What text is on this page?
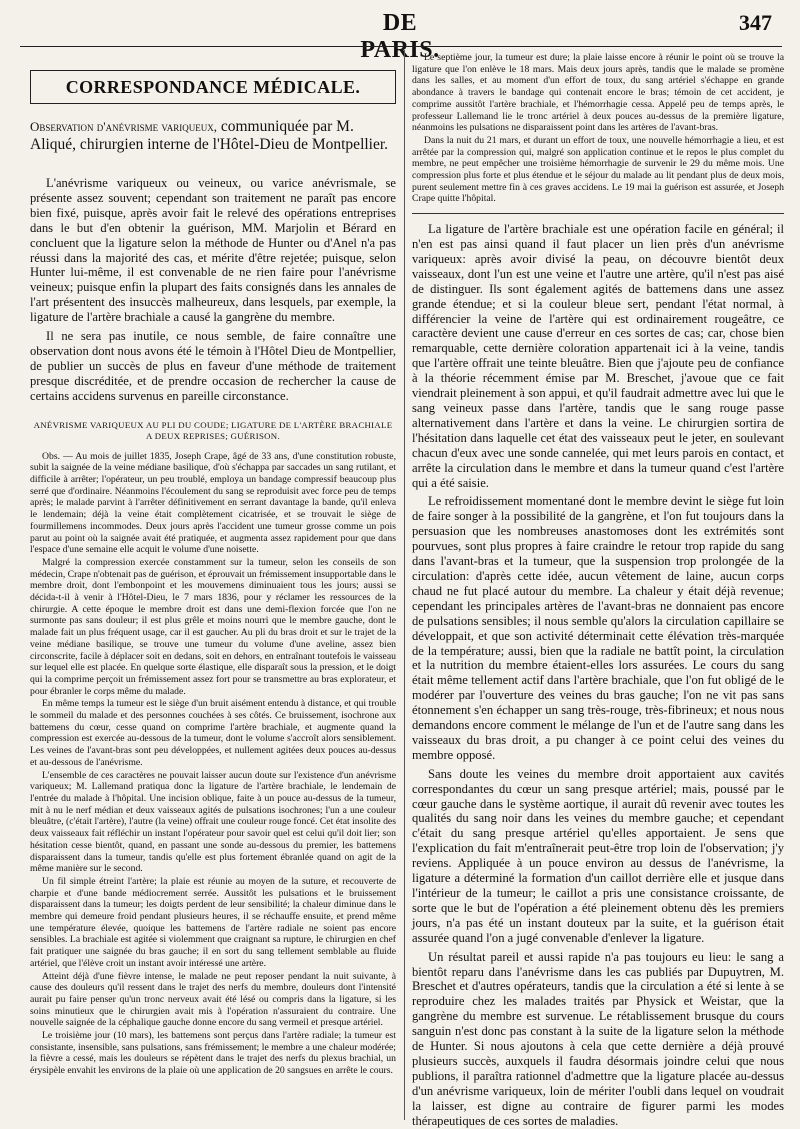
DE PARIS.
347
CORRESPONDANCE MÉDICALE.
Observation d'anévrisme variqueux, communiquée par M. Aliqué, chirurgien interne de l'Hôtel-Dieu de Montpellier.

L'anévrisme variqueux ou veineux, ou varice anévrismale, se présente assez souvent; cependant son traitement ne paraît pas encore bien fixé, puisque, après avoir fait le relevé des opérations entreprises dans le but d'en obtenir la guérison, MM. Marjolin et Bérard en concluent que la ligature selon la méthode de Hunter ou d'Anel n'a pas réussi dans la majorité des cas, et mérite d'être rejetée; puisque, selon Hunter lui-même, il est convenable de ne rien faire pour l'anévrisme veineux; puisque enfin la plupart des faits consignés dans les annales de l'art présentent des insuccès malheureux, dans lesquels, par exemple, la ligature de l'artère brachiale a causé la gangrène du membre.

Il ne sera pas inutile, ce nous semble, de faire connaître une observation dont nous avons été le témoin à l'Hôtel Dieu de Montpellier, de publier un succès de plus en faveur d'une méthode de traitement presque discréditée, et de prendre occasion de rechercher la cause de certains accidens survenus en pareille circonstance.

ANÉVRISME VARIQUEUX AU PLI DU COUDE; LIGATURE DE L'ARTÈRE BRACHIALE A DEUX REPRISES; GUÉRISON.

Obs. — Au mois de juillet 1835, Joseph Crape, âgé de 33 ans, d'une constitution robuste, subit la saignée de la veine médiane basilique, d'où s'échappa par saccades un sang rutilant, et difficile à arrêter; l'opérateur, un peu troublé, employa un bandage compressif beaucoup plus serré que d'ordinaire. Néanmoins l'écoulement du sang se reproduisit avec force peu de temps après; le malade parvint à l'arrêter définitivement en serrant davantage la bande, qu'il enleva le lendemain; déjà la veine était complètement cicatrisée, et se trouvait le siège de fourmillemens incommodes. Deux jours après l'accident une tumeur grosse comme un pois parut au point où la saignée avait été pratiquée, et augmenta assez rapidement pour que dans l'espace d'une semaine elle acquit le volume d'une noisette.

Malgré la compression exercée constamment sur la tumeur, selon les conseils de son médecin, Crape n'obtenait pas de guérison, et éprouvait un frémissement insupportable dans le membre droit, dont l'embonpoint et les mouvemens diminuaient tous les jours; aussi se décida-t-il à venir à l'Hôtel-Dieu, le 7 mars 1836, pour y réclamer les ressources de la chirurgie. A cette époque le membre droit est dans une demi-flexion forcée que l'on ne surmonte pas sans douleur; il est plus grêle et moins nourri que le membre gauche, dont le malade fait un plus fréquent usage, car il est gaucher. Au pli du bras droit et sur le trajet de la veine médiane basilique, se trouve une tumeur du volume d'une aveline, assez bien circonscrite, facile à déplacer soit en dedans, soit en dehors, en entraînant toutefois le vaisseau sur lequel elle est placée. En quelque sorte élastique, elle disparaît sous la pression, et le doigt qui la comprime perçoit un frémissement assez fort pour se transmettre au bras explorateur, et pour ébranler le corps même du malade.

En même temps la tumeur est le siège d'un bruit aisément entendu à distance, et qui trouble le sommeil du malade et des personnes couchées à ses côtés. Ce bruissement, isochrone aux battemens du cœur, cesse quand on comprime l'artère brachiale, et augmente quand la compression est exercée au-dessous de la tumeur, dont le volume s'accroît alors sensiblement. Les veines de l'avant-bras sont peu développées, et nullement agitées deux pouces au-dessus et au-dessous de l'anévrisme.

L'ensemble de ces caractères ne pouvait laisser aucun doute sur l'existence d'un anévrisme variqueux; M. Lallemand pratiqua donc la ligature de l'artère brachiale, le lendemain de l'entrée du malade à l'hôpital. Une incision oblique, faite à un pouce au-dessus de la tumeur, mit à nu le nerf médian et deux vaisseaux agités de pulsations isochrones; l'un a une couleur bleuâtre, (c'était l'artère), l'autre (la veine) offrait une couleur rouge foncé. Cet état insolite des deux vaisseaux fait réfléchir un instant l'opérateur pour savoir quel est celui qu'il doit lier; son hésitation cesse bientôt, quand, en passant une sonde au-dessous du premier, les battemens disparaissent dans la tumeur, tandis qu'elle est plus fortement ébranlée quand on agit de la même manière sur le second.

Un fil simple étreint l'artère; la plaie est réunie au moyen de la suture, et recouverte de charpie et d'une bande médiocrement serrée. Aussitôt les pulsations et le bruissement disparaissent dans la tumeur; les doigts perdent de leur sensibilité; la chaleur diminue dans le membre qui demeure froid pendant plusieurs heures, il se réchauffe ensuite, et prend même une température élevée, quoique les battemens de l'artère radiale ne soient pas encore sensibles. La brachiale est agitée si violemment que craignant sa rupture, le chirurgien en chef fait pratiquer une saignée du bras gauche; il en sort du sang tellement semblable au fluide artériel, que l'élève croit un instant avoir intéressé une artère.

Atteint déjà d'une fièvre intense, le malade ne peut reposer pendant la nuit suivante, à cause des douleurs qu'il ressent dans le trajet des nerfs du membre, douleurs dont l'intensité aurait pu faire penser qu'un tronc nerveux avait été lésé ou compris dans la ligature, si les soins minutieux que le chirurgien avait mis à l'opération n'assuraient du contraire. Une nouvelle saignée de la céphalique gauche donne encore du sang vermeil et presque artériel.

Le troisième jour (10 mars), les battemens sont perçus dans l'artère radiale; la tumeur est consistante, insensible, sans pulsations, sans frémissement; le membre a une chaleur modérée; la fièvre a cessé, mais les douleurs se répètent dans le trajet des nerfs du plexus brachial, un érysipèle envahit les environs de la plaie où une application de 20 sangsues en arrête le cours.

Le septième jour, la tumeur est dure; la plaie laisse encore à réunir le point où se trouve la ligature que l'on enlève le 18 mars. Mais deux jours après, tandis que le malade se promène dans les salles, et au moment d'un effort de toux, du sang artériel s'échappe en grande abondance à travers le bandage qui contenait encore le bras; témoin de cet accident, je comprime aussitôt l'artère brachiale, et l'hémorrhagie cessa. Appelé peu de temps après, le professeur Lallemand lie le tronc artériel à deux pouces au-dessus de la première ligature, néanmoins les pulsations ne disparaissent point dans les artères de l'avant-bras.

Dans la nuit du 21 mars, et durant un effort de toux, une nouvelle hémorrhagie a lieu, et est arrêtée par la compression qui, malgré son application continue et le repos le plus complet du membre, ne peut empêcher une troisième hémorrhagie de survenir le 29 du même mois. Une compression plus forte et plus étendue et le séjour du malade au lit pendant plus de deux mois, purent seulement mettre fin à ces graves accidens. Le 19 mai la guérison est assurée, et Joseph Crape quitte l'hôpital.

La ligature de l'artère brachiale est une opération facile en général; il n'en est pas ainsi quand il faut placer un lien près d'un anévrisme variqueux: après avoir divisé la peau, on découvre bientôt deux vaisseaux, dont l'un est une veine et l'autre une artère, qu'il n'est pas aisé de distinguer. Ils sont également agités de battemens dans une assez grande étendue; et si la couleur bleue sert, pendant l'état normal, à différencier la veine de l'artère qui est ordinairement rougeâtre, ce caractère devient une cause d'erreur en ces sortes de cas; car, chose bien remarquable, cette dernière coloration appartenait ici à la veine, tandis que l'artère offrait une teinte bleuâtre. Bien que j'ajoute peu de confiance à la théorie récemment émise par M. Breschet, j'avoue que ce fait viendrait pleinement à son appui, et qu'il faudrait admettre avec lui que le sang veineux passe dans l'artère, tandis que le sang rouge passe alternativement dans l'artère et dans la veine. Le chirurgien sortira de l'hésitation dans laquelle cet état des vaisseaux peut le jeter, en soulevant chacun d'eux avec une sonde cannelée, qui met leurs parois en contact, et arrête la circulation dans le membre et dans la tumeur quand c'est l'artère qui a été saisie.

Le refroidissement momentané dont le membre devint le siège fut loin de faire songer à la possibilité de la gangrène, et l'on fut toujours dans la persuasion que les nombreuses anastomoses dont les extrémités sont pourvues, sont plus propres à faire craindre le retour trop rapide du sang dans l'avant-bras et la tumeur, que la suspension trop prolongée de la circulation: d'après cette idée, aucun vêtement de laine, aucun corps chaud ne fut placé autour du membre. La chaleur y était déjà revenue; cependant les principales artères de l'avant-bras ne donnaient pas encore de pulsations sensibles; il nous semble qu'alors la circulation capillaire se développait, et que son activité déterminait cette élévation très-marquée de la température; aussi, bien que la radiale ne battît point, la circulation et la nutrition du membre étaient-elles lors assurées. Le cours du sang était même tellement actif dans l'artère brachiale, que l'on fut obligé de le modérer par l'ouverture des veines du bras gauche; l'on ne vit pas sans étonnement s'en échapper un sang très-rouge, très-fibrineux; et nous nous demandons encore comment le mélange de l'un et de l'autre sang dans les vaisseaux du bras droit, a pu changer à ce point celui des veines du membre opposé.

Sans doute les veines du membre droit apportaient aux cavités correspondantes du cœur un sang presque artériel; mais, poussé par le cœur gauche dans le système aortique, il aurait dû revenir avec toutes les qualités du sang noir dans les veines du membre gauche; et cependant c'était du sang presque artériel qu'elles apportaient. Je sens que l'explication du fait m'entraînerait peut-être trop loin de l'observation; j'y reviens. Appliquée à un pouce environ au dessus de l'anévrisme, la ligature a déterminé la formation d'un caillot derrière elle et jusque dans l'intérieur de la tumeur; le caillot a pris une consistance croissante, de sorte que le but de l'opération a été pleinement obtenu dès les premiers jours, n'a pas été un instant douteux par la suite, et la guérison était assurée quand l'on a jugé convenable d'enlever la ligature.

Un résultat pareil et aussi rapide n'a pas toujours eu lieu: le sang a bientôt reparu dans l'anévrisme dans les cas publiés par Dupuytren, M. Breschet et d'autres opérateurs, tandis que la circulation a été si lente à se reproduire chez les malades traités par Physick et Weistar, que la gangrène du membre est survenue. Le rétablissement brusque du cours sanguin n'est donc pas constant à la suite de la ligature selon la méthode de Hunter. Si nous ajoutons à cela que cette dernière a déjà prouvé plusieurs succès, auxquels il faudra désormais joindre celui que nous publions, il paraîtra rationnel d'admettre que la ligature placée au-dessus d'un anévrisme variqueux, loin de mériter l'oubli dans lequel on voudrait la laisser, est digne au contraire de figurer parmi les modes thérapeutiques de ces sortes de maladies.
